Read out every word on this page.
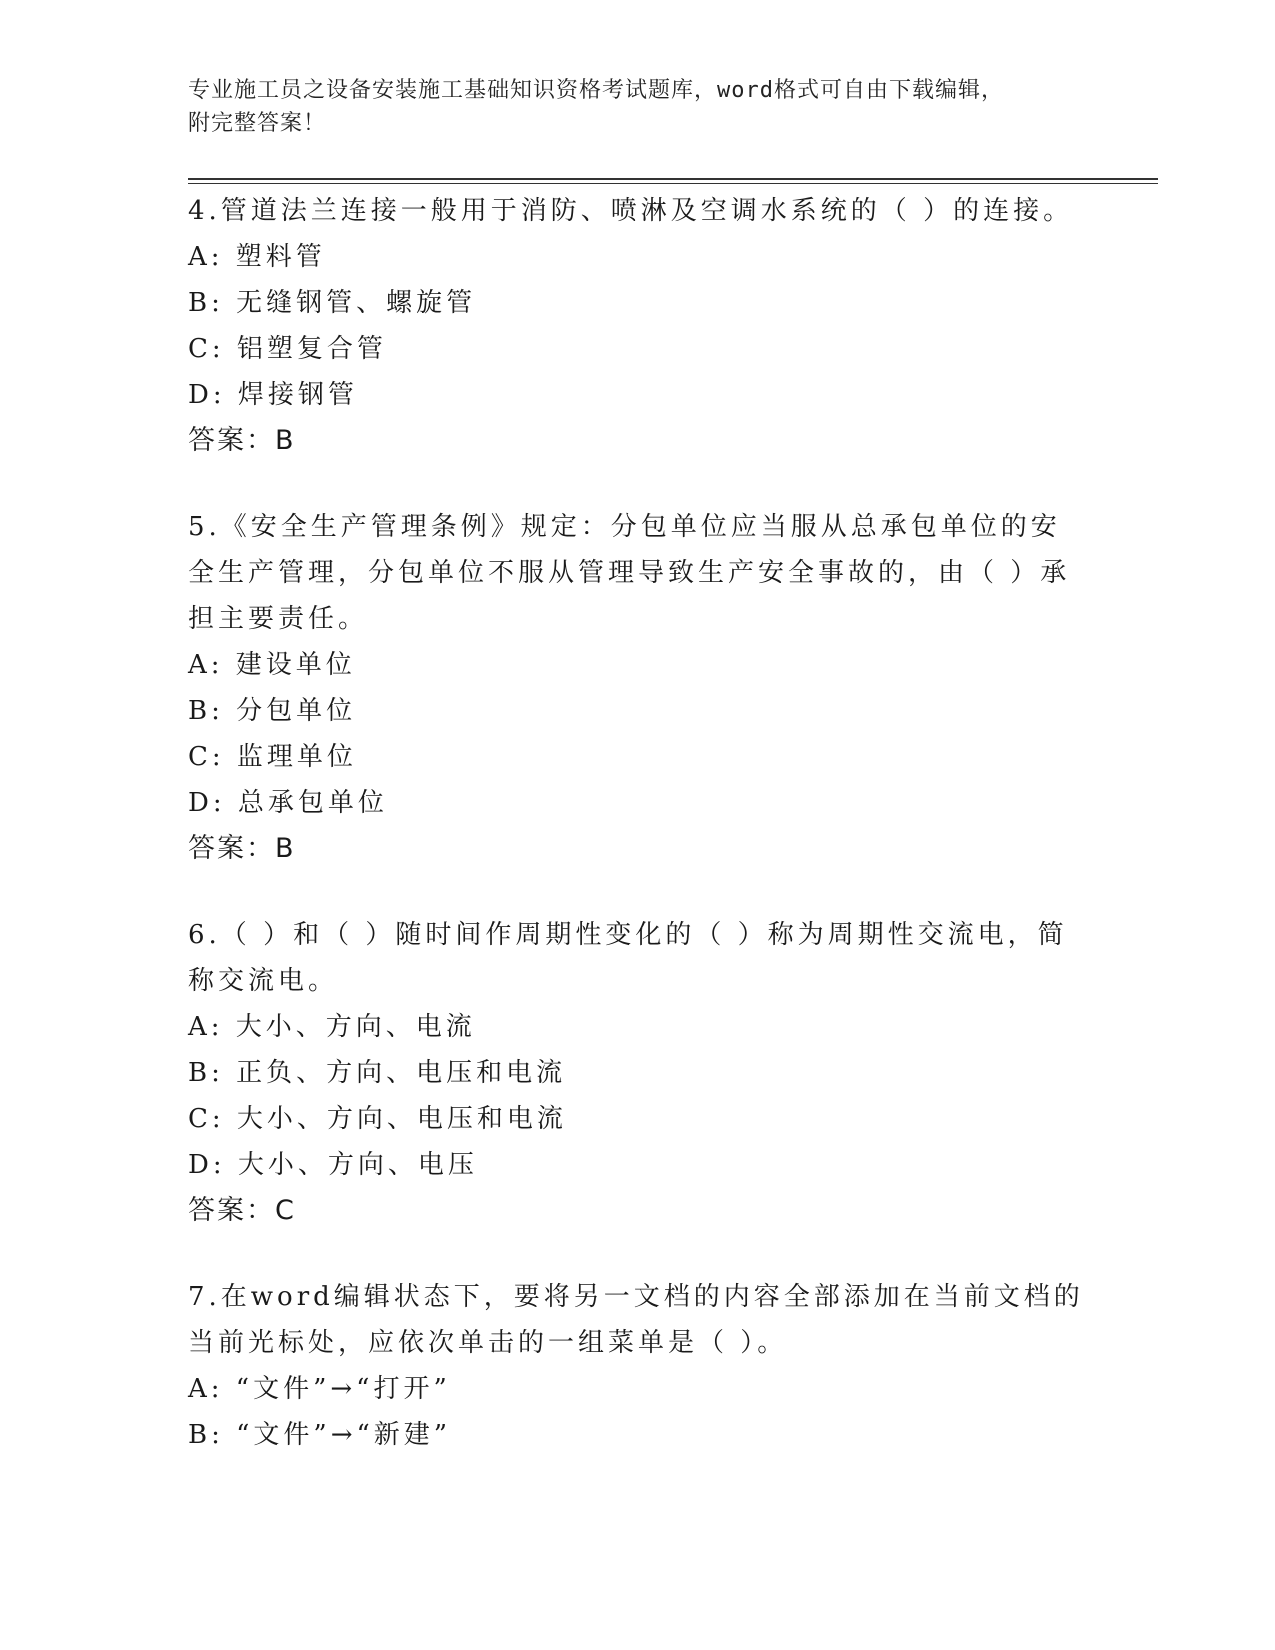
专业施工员之设备安装施工基础知识资格考试题库，word格式可自由下载编辑，
附完整答案！

4.管道法兰连接一般用于消防、喷淋及空调水系统的（ ）的连接。

A: 塑料管

B: 无缝钢管、螺旋管

C: 铝塑复合管

D: 焊接钢管

答案：B

5.《安全生产管理条例》规定：分包单位应当服从总承包单位的安全生产管理，分包单位不服从管理导致生产安全事故的，由（ ）承担主要责任。

A: 建设单位

B: 分包单位

C: 监理单位

D: 总承包单位

答案：B

6.（ ）和（ ）随时间作周期性变化的（ ）称为周期性交流电，简称交流电。

A: 大小、方向、电流

B: 正负、方向、电压和电流

C: 大小、方向、电压和电流

D: 大小、方向、电压

答案：C

7.在word编辑状态下，要将另一文档的内容全部添加在当前文档的当前光标处，应依次单击的一组菜单是（ ）。

A: “文件”→“打开”

B: “文件”→“新建”
